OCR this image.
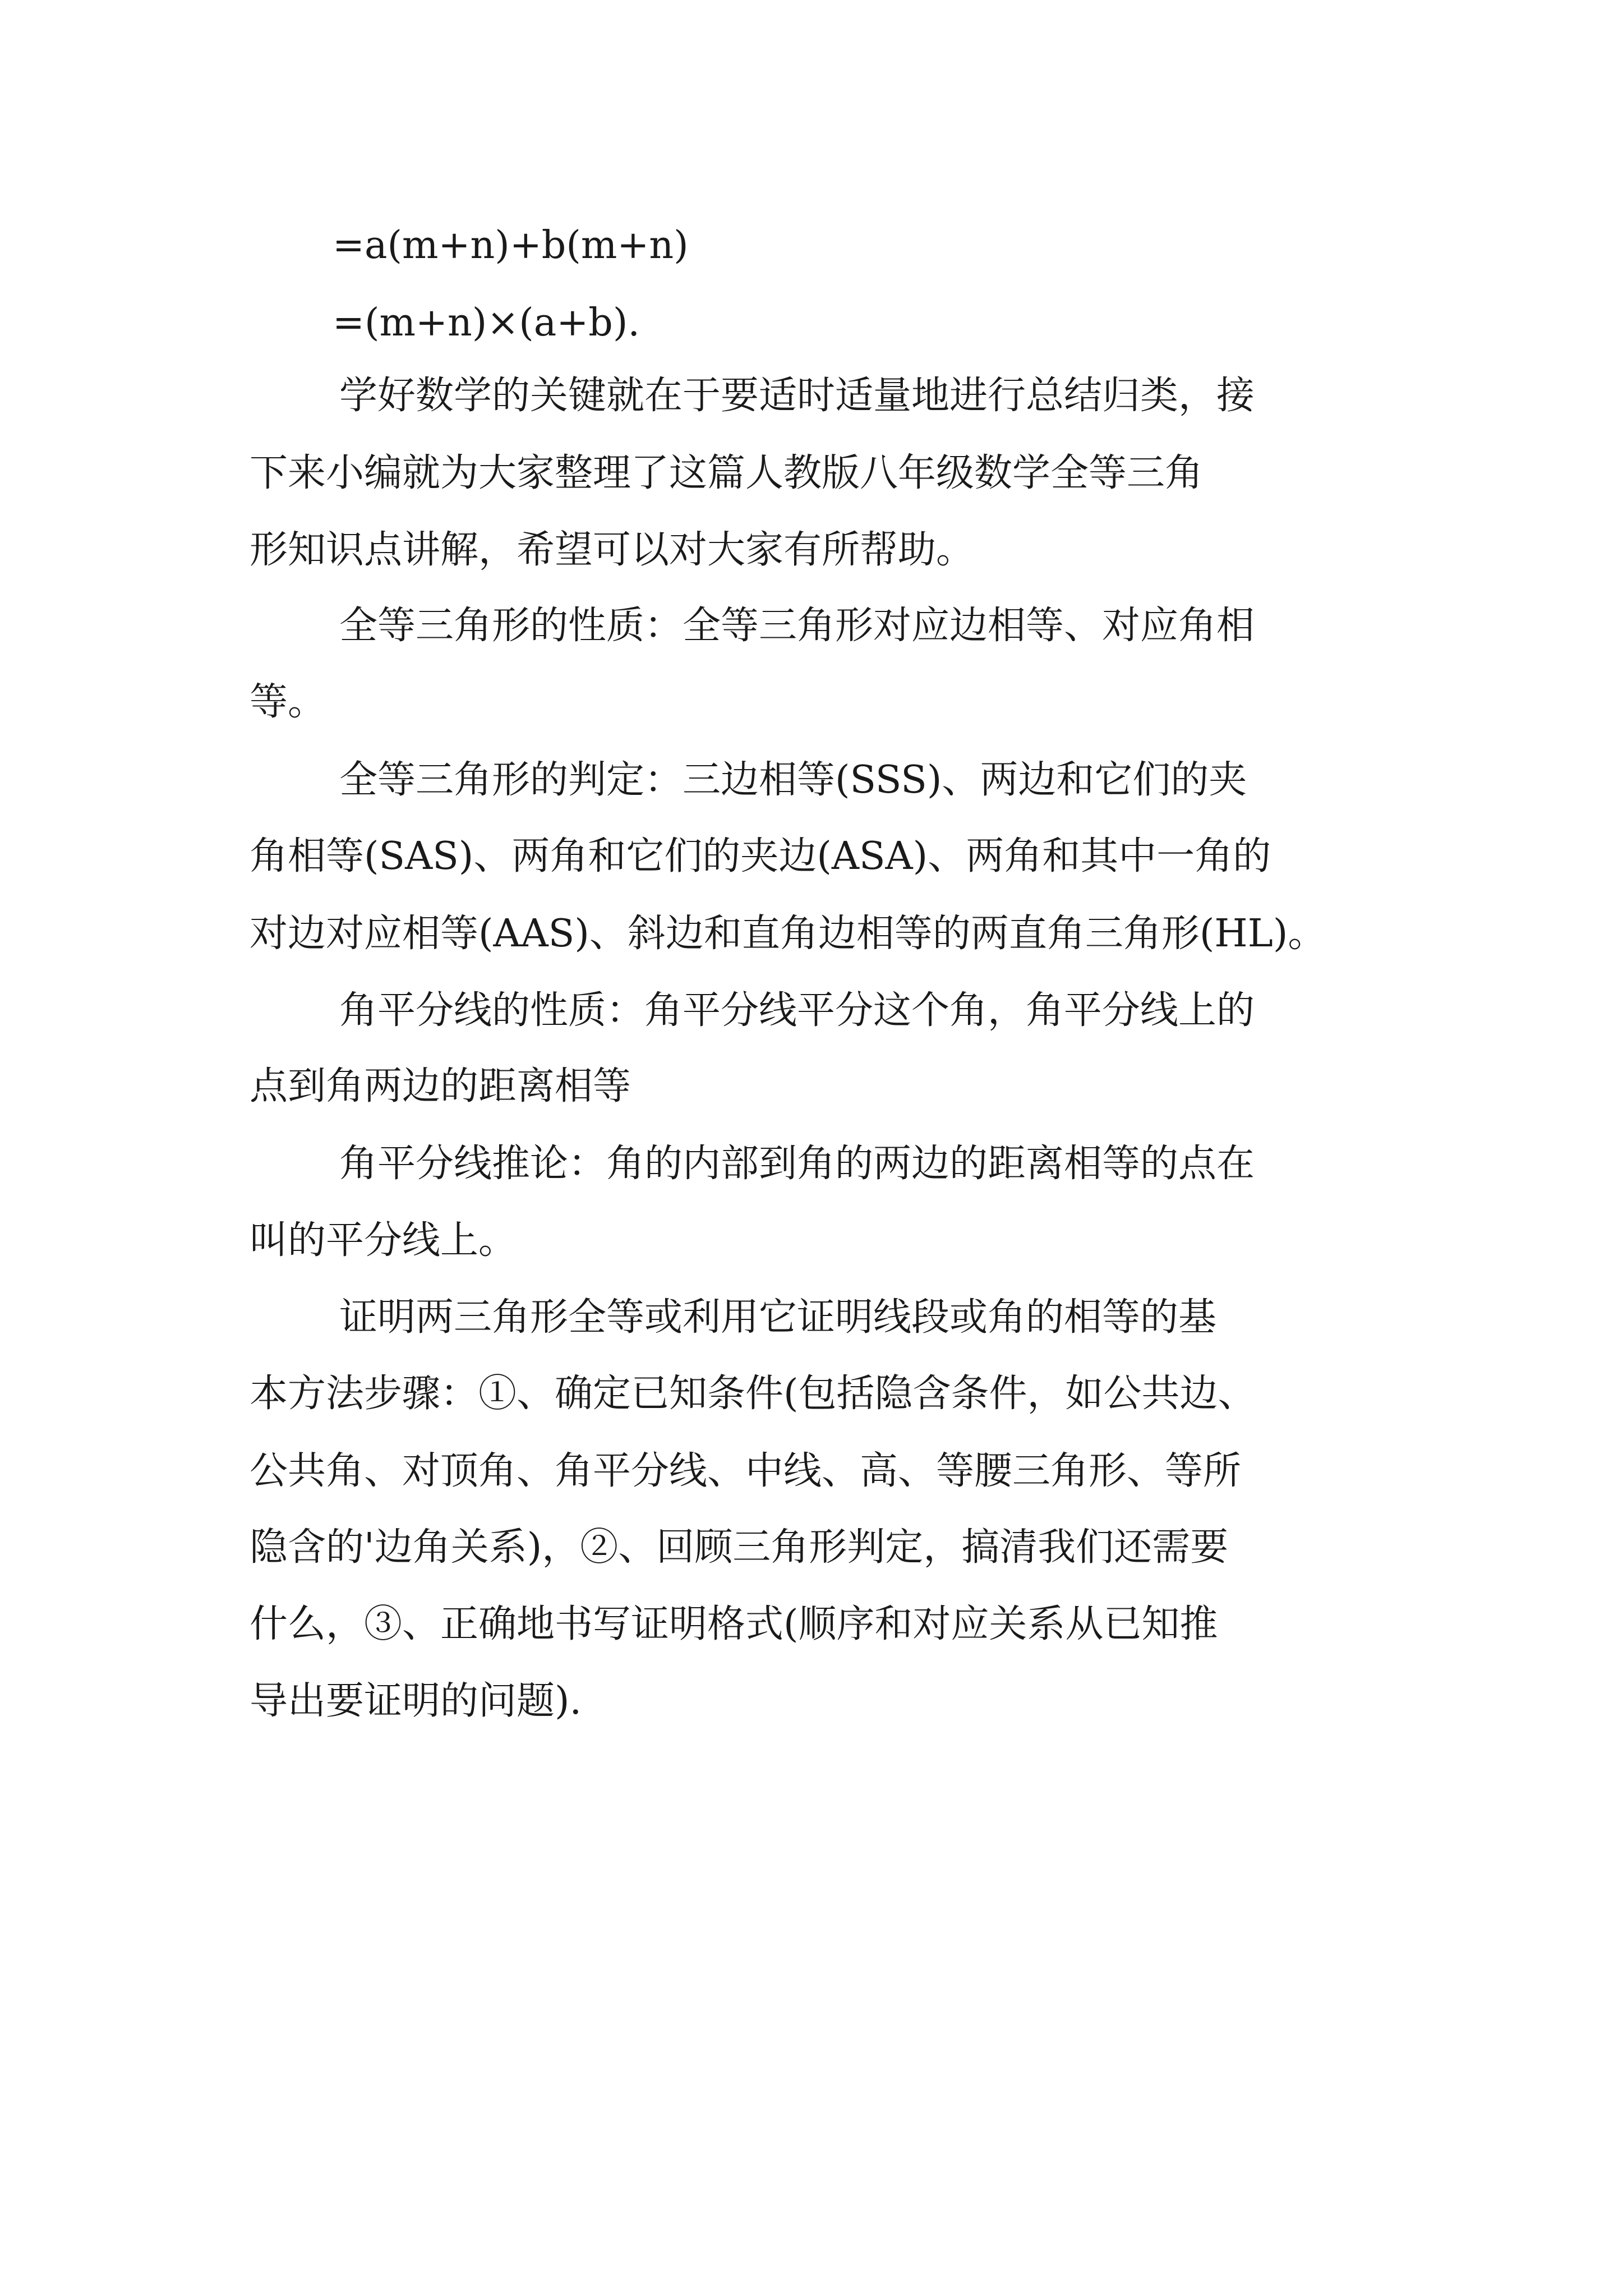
=a(m+n)+b(m+n)
=(m+n)×(a+b).
学好数学的关键就在于要适时适量地进行总结归类，接
下来小编就为大家整理了这篇人教版八年级数学全等三角
形知识点讲解，希望可以对大家有所帮助。
全等三角形的性质：全等三角形对应边相等、对应角相
等。
全等三角形的判定：三边相等(SSS)、两边和它们的夹
角相等(SAS)、两角和它们的夹边(ASA)、两角和其中一角的
对边对应相等(AAS)、斜边和直角边相等的两直角三角形(HL)。
角平分线的性质：角平分线平分这个角，角平分线上的
点到角两边的距离相等
角平分线推论：角的内部到角的两边的距离相等的点在
叫的平分线上。
证明两三角形全等或利用它证明线段或角的相等的基
本方法步骤：①、确定已知条件(包括隐含条件，如公共边、
公共角、对顶角、角平分线、中线、高、等腰三角形、等所
隐含的'边角关系)，②、回顾三角形判定，搞清我们还需要
什么，③、正确地书写证明格式(顺序和对应关系从已知推
导出要证明的问题).
